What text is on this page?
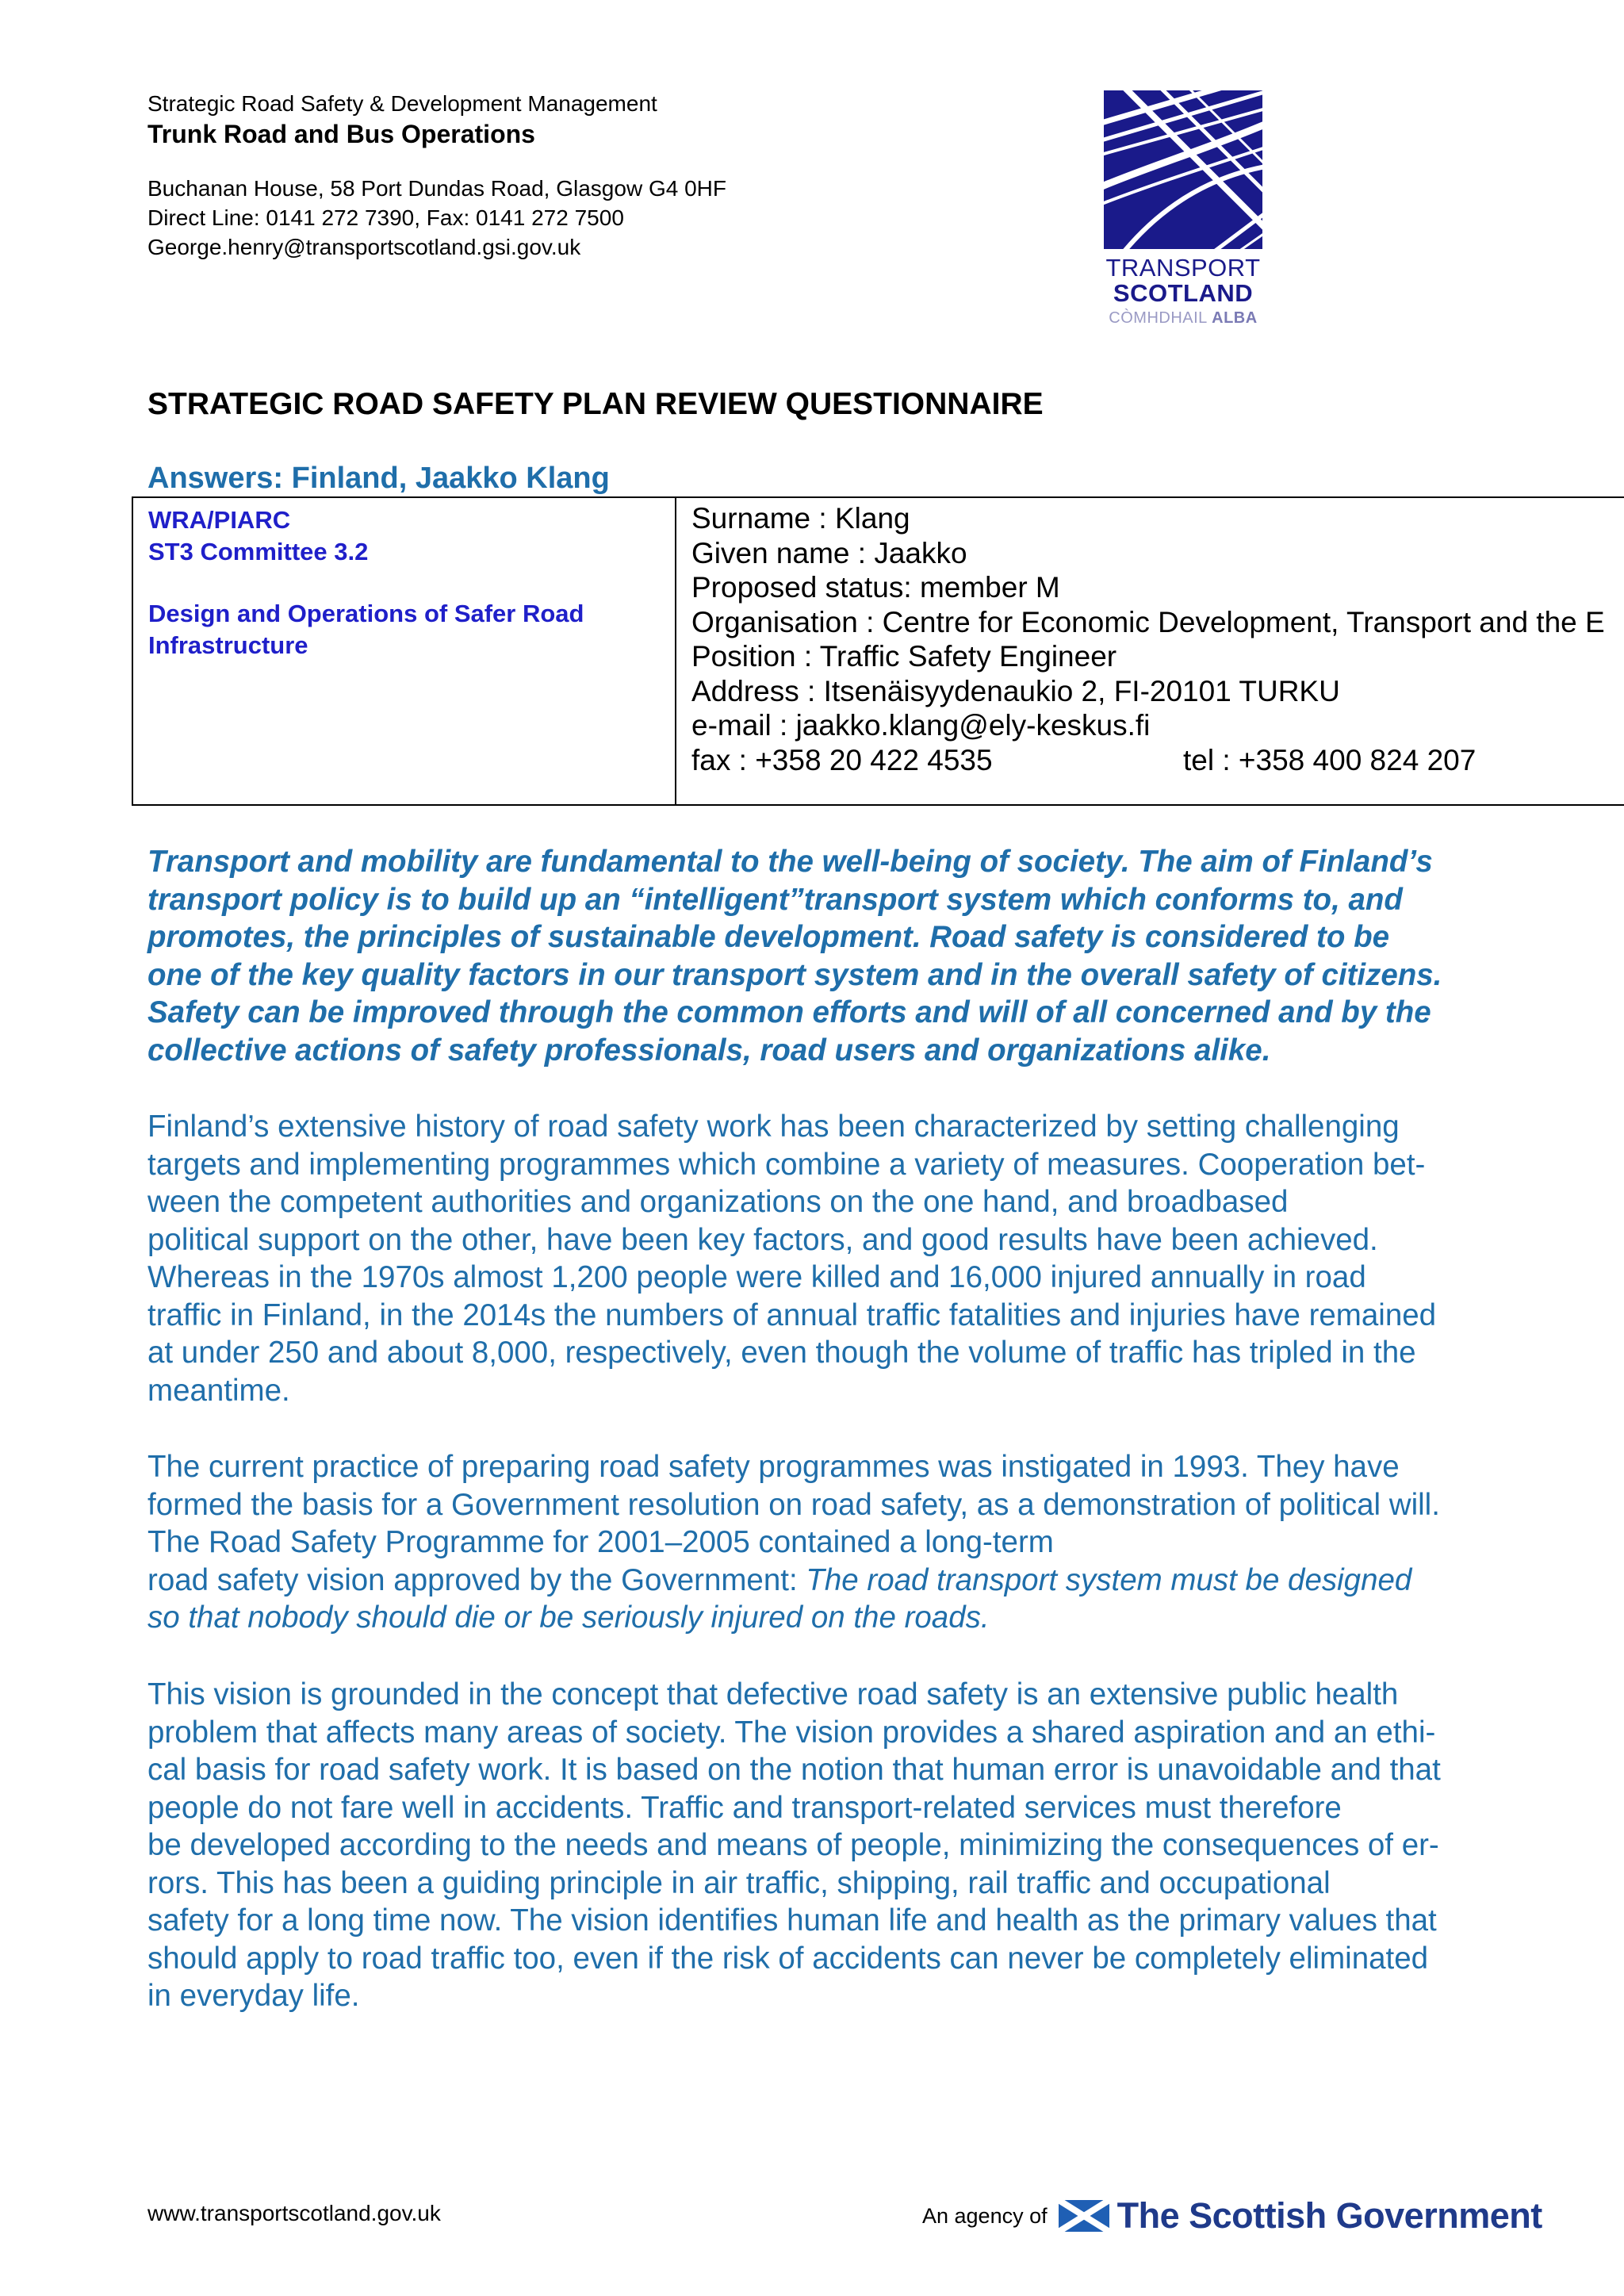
Strategic Road Safety & Development Management
Trunk Road and Bus Operations
Buchanan House, 58 Port Dundas Road, Glasgow G4 0HF
Direct Line: 0141 272 7390, Fax: 0141 272 7500
George.henry@transportscotland.gsi.gov.uk
TRANSPORT
SCOTLAND
CÒMHDHAIL ALBA
STRATEGIC ROAD SAFETY PLAN REVIEW QUESTIONNAIRE
Answers: Finland, Jaakko Klang
WRA/PIARC
ST3 Committee 3.2
Design and Operations of Safer Road
Infrastructure
Surname : Klang
Given name : Jaakko
Proposed status: member M
Organisation : Centre for Economic Development, Transport and the E
Position : Traffic Safety Engineer
Address : Itsenäisyydenaukio 2, FI-20101 TURKU
e-mail : jaakko.klang@ely-keskus.fi
fax : +358 20 422 4535	tel : +358 400 824 207
Transport and mobility are fundamental to the well-being of society. The aim of Finland’s
transport policy is to build up an “intelligent”transport system which conforms to, and
promotes, the principles of sustainable development. Road safety is considered to be
one of the key quality factors in our transport system and in the overall safety of citizens.
Safety can be improved through the common efforts and will of all concerned and by the
collective actions of safety professionals, road users and organizations alike.
Finland’s extensive history of road safety work has been characterized by setting challenging
targets and implementing programmes which combine a variety of measures. Cooperation bet-
ween the competent authorities and organizations on the one hand, and broadbased
political support on the other, have been key factors, and good results have been achieved.
Whereas in the 1970s almost 1,200 people were killed and 16,000 injured annually in road
traffic in Finland, in the 2014s the numbers of annual traffic fatalities and injuries have remained
at under 250 and about 8,000, respectively, even though the volume of traffic has tripled in the
meantime.
The current practice of preparing road safety programmes was instigated in 1993. They have
formed the basis for a Government resolution on road safety, as a demonstration of political will.
The Road Safety Programme for 2001–2005 contained a long-term
road safety vision approved by the Government: The road transport system must be designed
so that nobody should die or be seriously injured on the roads.
This vision is grounded in the concept that defective road safety is an extensive public health
problem that affects many areas of society. The vision provides a shared aspiration and an ethi-
cal basis for road safety work. It is based on the notion that human error is unavoidable and that
people do not fare well in accidents. Traffic and transport-related services must therefore
be developed according to the needs and means of people, minimizing the consequences of er-
rors. This has been a guiding principle in air traffic, shipping, rail traffic and occupational
safety for a long time now. The vision identifies human life and health as the primary values that
should apply to road traffic too, even if the risk of accidents can never be completely eliminated
in everyday life.
www.transportscotland.gov.uk	An agency of The Scottish Government
